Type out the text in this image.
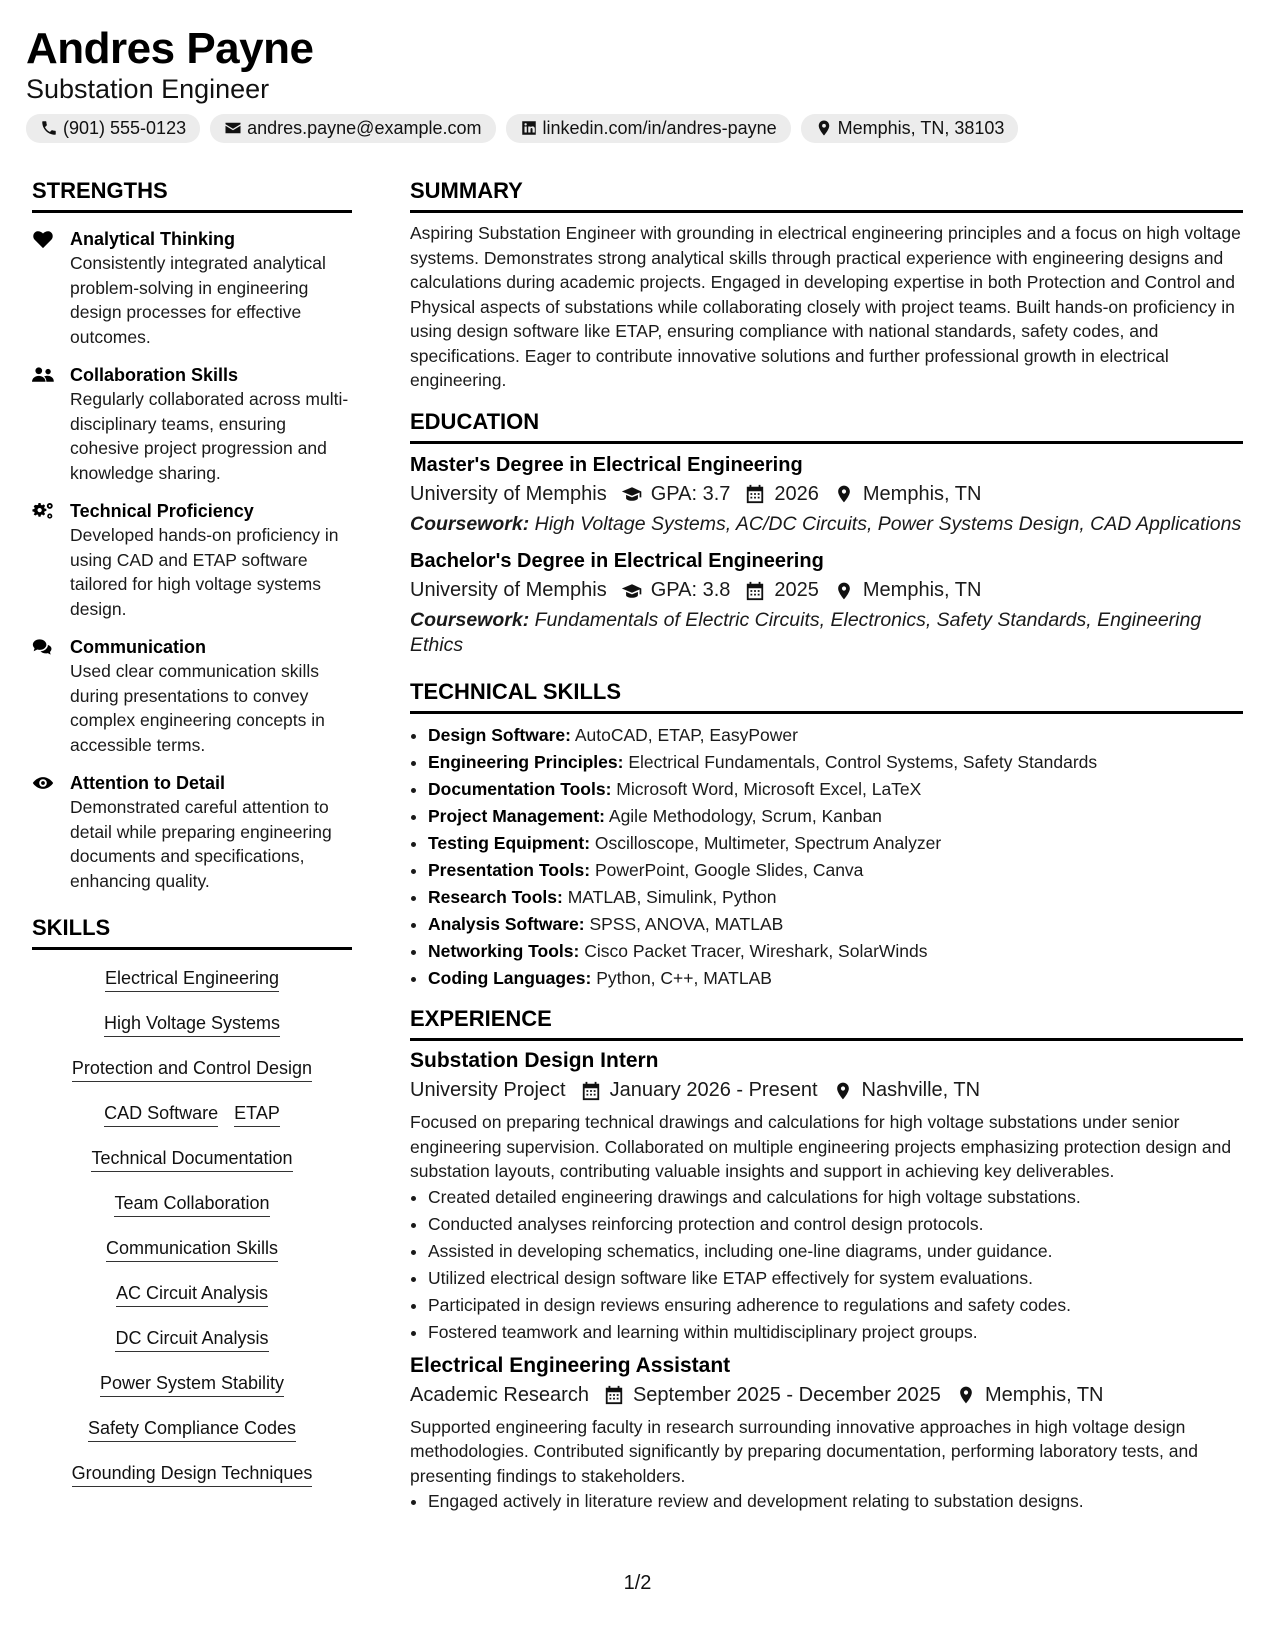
Andres Payne
Substation Engineer
(901) 555-0123	andres.payne@example.com	linkedin.com/in/andres-payne	Memphis, TN, 38103
STRENGTHS
Analytical Thinking
Consistently integrated analytical problem-solving in engineering design processes for effective outcomes.
Collaboration Skills
Regularly collaborated across multi-disciplinary teams, ensuring cohesive project progression and knowledge sharing.
Technical Proficiency
Developed hands-on proficiency in using CAD and ETAP software tailored for high voltage systems design.
Communication
Used clear communication skills during presentations to convey complex engineering concepts in accessible terms.
Attention to Detail
Demonstrated careful attention to detail while preparing engineering documents and specifications, enhancing quality.
SKILLS
Electrical Engineering
High Voltage Systems
Protection and Control Design
CAD Software ETAP
Technical Documentation
Team Collaboration
Communication Skills
AC Circuit Analysis
DC Circuit Analysis
Power System Stability
Safety Compliance Codes
Grounding Design Techniques
SUMMARY
Aspiring Substation Engineer with grounding in electrical engineering principles and a focus on high voltage systems. Demonstrates strong analytical skills through practical experience with engineering designs and calculations during academic projects. Engaged in developing expertise in both Protection and Control and Physical aspects of substations while collaborating closely with project teams. Built hands-on proficiency in using design software like ETAP, ensuring compliance with national standards, safety codes, and specifications. Eager to contribute innovative solutions and further professional growth in electrical engineering.
EDUCATION
Master's Degree in Electrical Engineering
University of Memphis GPA: 3.7 2026 Memphis, TN
Coursework: High Voltage Systems, AC/DC Circuits, Power Systems Design, CAD Applications
Bachelor's Degree in Electrical Engineering
University of Memphis GPA: 3.8 2025 Memphis, TN
Coursework: Fundamentals of Electric Circuits, Electronics, Safety Standards, Engineering Ethics
TECHNICAL SKILLS
• Design Software: AutoCAD, ETAP, EasyPower
• Engineering Principles: Electrical Fundamentals, Control Systems, Safety Standards
• Documentation Tools: Microsoft Word, Microsoft Excel, LaTeX
• Project Management: Agile Methodology, Scrum, Kanban
• Testing Equipment: Oscilloscope, Multimeter, Spectrum Analyzer
• Presentation Tools: PowerPoint, Google Slides, Canva
• Research Tools: MATLAB, Simulink, Python
• Analysis Software: SPSS, ANOVA, MATLAB
• Networking Tools: Cisco Packet Tracer, Wireshark, SolarWinds
• Coding Languages: Python, C++, MATLAB
EXPERIENCE
Substation Design Intern
University Project January 2026 - Present Nashville, TN
Focused on preparing technical drawings and calculations for high voltage substations under senior engineering supervision. Collaborated on multiple engineering projects emphasizing protection design and substation layouts, contributing valuable insights and support in achieving key deliverables.
• Created detailed engineering drawings and calculations for high voltage substations.
• Conducted analyses reinforcing protection and control design protocols.
• Assisted in developing schematics, including one-line diagrams, under guidance.
• Utilized electrical design software like ETAP effectively for system evaluations.
• Participated in design reviews ensuring adherence to regulations and safety codes.
• Fostered teamwork and learning within multidisciplinary project groups.
Electrical Engineering Assistant
Academic Research September 2025 - December 2025 Memphis, TN
Supported engineering faculty in research surrounding innovative approaches in high voltage design methodologies. Contributed significantly by preparing documentation, performing laboratory tests, and presenting findings to stakeholders.
• Engaged actively in literature review and development relating to substation designs.
1/2
